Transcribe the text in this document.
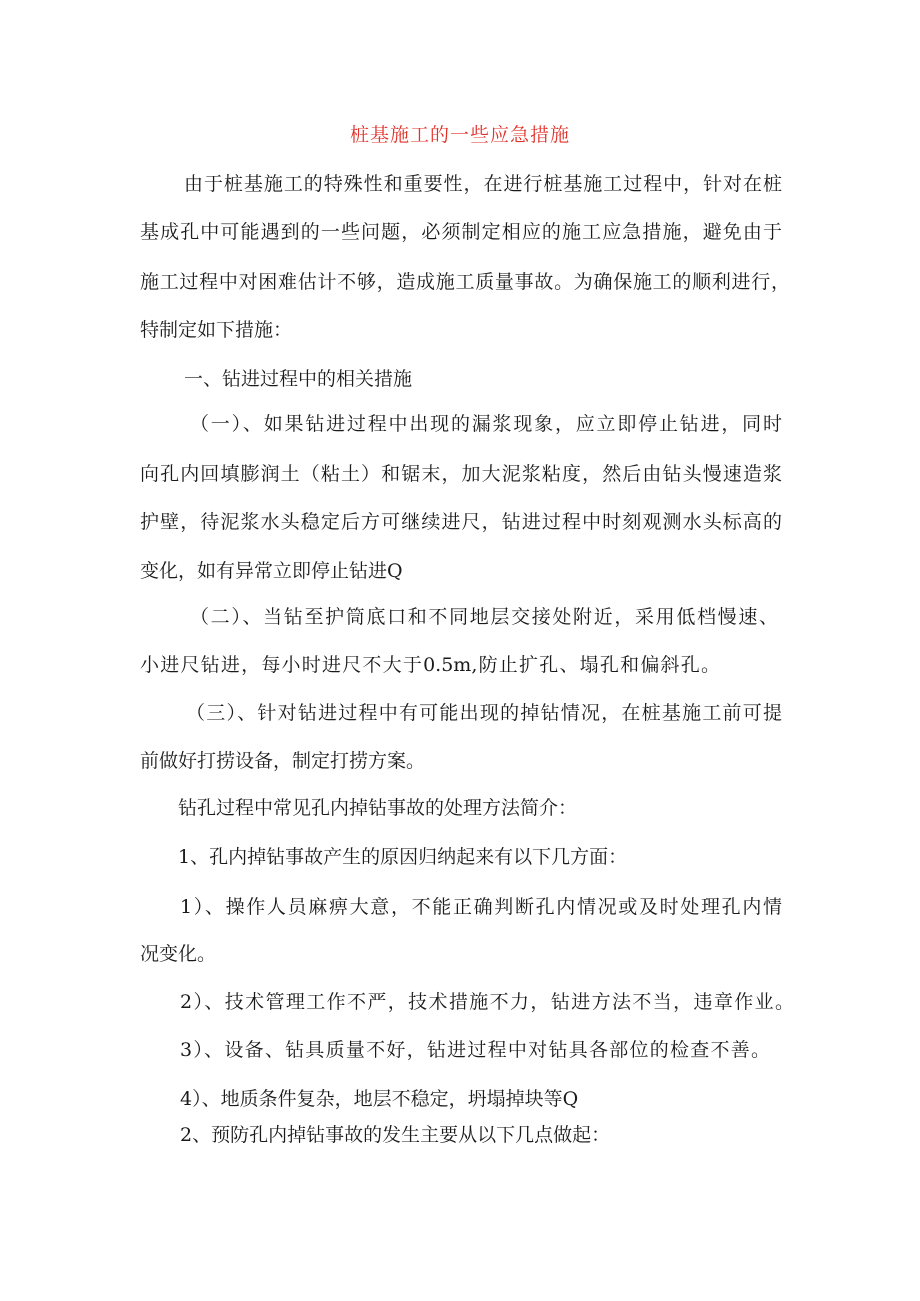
桩基施工的一些应急措施
由于桩基施工的特殊性和重要性，在进行桩基施工过程中，针对在桩
基成孔中可能遇到的一些问题，必须制定相应的施工应急措施，避免由于
施工过程中对困难估计不够，造成施工质量事故。为确保施工的顺利进行，
特制定如下措施：
一、钻进过程中的相关措施
（一）、如果钻进过程中出现的漏浆现象，应立即停止钻进，同时
向孔内回填膨润土（粘土）和锯末，加大泥浆粘度，然后由钻头慢速造浆
护壁，待泥浆水头稳定后方可继续进尺，钻进过程中时刻观测水头标高的
变化，如有异常立即停止钻进Q
（二）、当钻至护筒底口和不同地层交接处附近，采用低档慢速、
小进尺钻进，每小时进尺不大于0.5m,防止扩孔、塌孔和偏斜孔。
（三）、针对钻进过程中有可能出现的掉钻情况，在桩基施工前可提
前做好打捞设备，制定打捞方案。
钻孔过程中常见孔内掉钻事故的处理方法简介：
1、孔内掉钻事故产生的原因归纳起来有以下几方面：
1）、操作人员麻痹大意，不能正确判断孔内情况或及时处理孔内情
况变化。
2）、技术管理工作不严，技术措施不力，钻进方法不当，违章作业。
3）、设备、钻具质量不好，钻进过程中对钻具各部位的检查不善。
4）、地质条件复杂，地层不稳定，坍塌掉块等Q
2、预防孔内掉钻事故的发生主要从以下几点做起：
